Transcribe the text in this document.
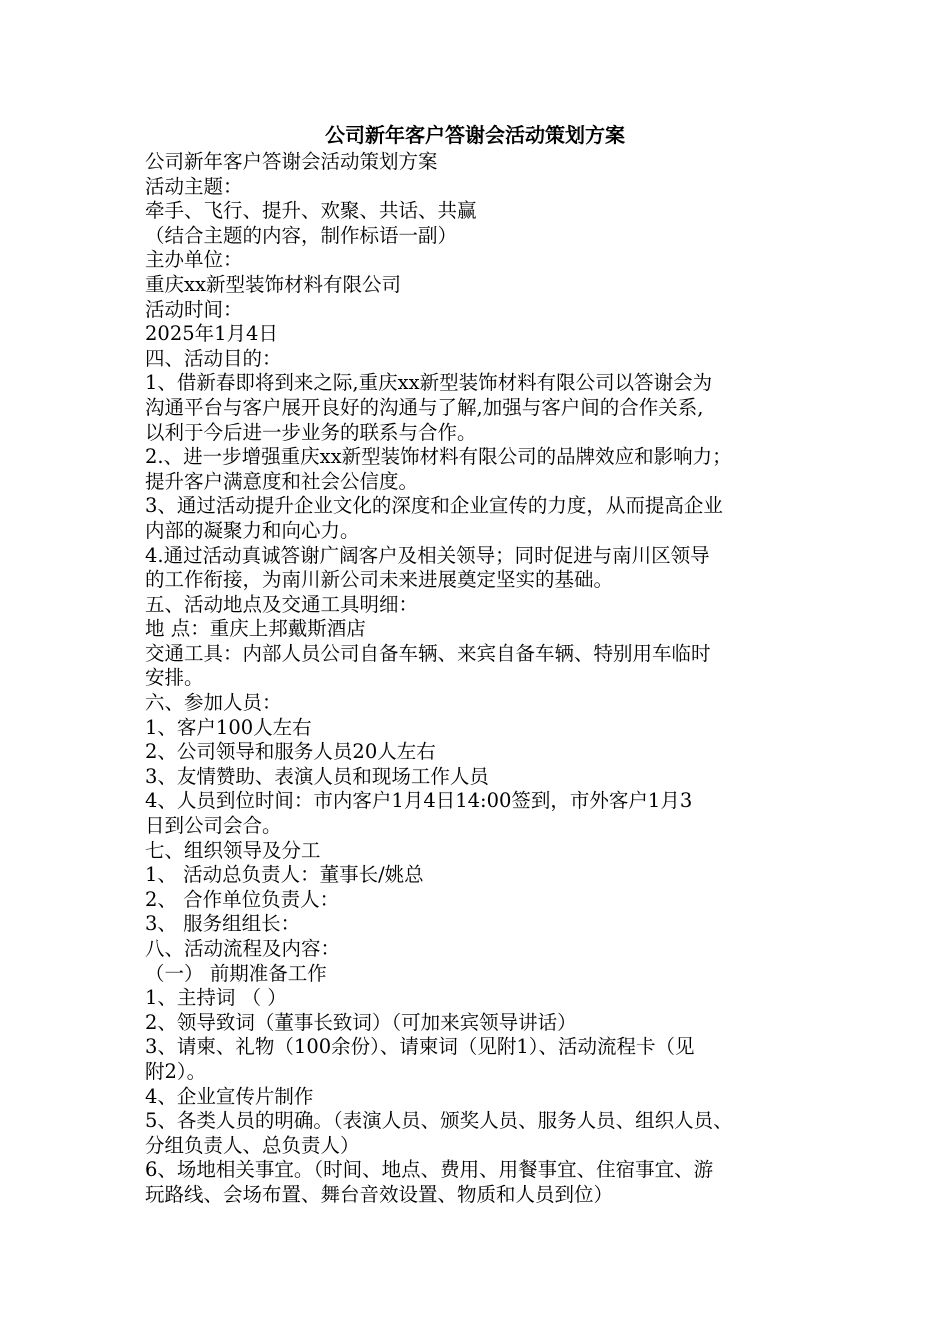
公司新年客户答谢会活动策划方案
公司新年客户答谢会活动策划方案
活动主题：
牵手、飞行、提升、欢聚、共话、共赢
（结合主题的内容，制作标语一副）
主办单位：
重庆xx新型装饰材料有限公司
活动时间：
2025年1月4日
四、活动目的：
1、借新春即将到来之际,重庆xx新型装饰材料有限公司以答谢会为
沟通平台与客户展开良好的沟通与了解,加强与客户间的合作关系,
以利于今后进一步业务的联系与合作。
2.、进一步增强重庆xx新型装饰材料有限公司的品牌效应和影响力；
提升客户满意度和社会公信度。
3、通过活动提升企业文化的深度和企业宣传的力度，从而提高企业
内部的凝聚力和向心力。
4.通过活动真诚答谢广阔客户及相关领导；同时促进与南川区领导
的工作衔接，为南川新公司未来进展奠定坚实的基础。
五、活动地点及交通工具明细：
地 点：重庆上邦戴斯酒店
交通工具：内部人员公司自备车辆、来宾自备车辆、特别用车临时
安排。
六、参加人员：
1、客户100人左右
2、公司领导和服务人员20人左右
3、友情赞助、表演人员和现场工作人员
4、人员到位时间：市内客户1月4日14:00签到，市外客户1月3
日到公司会合。
七、组织领导及分工
1、 活动总负责人：董事长/姚总
2、 合作单位负责人：
3、 服务组组长：
八、活动流程及内容：
（一） 前期准备工作
1、主持词 （ ）
2、领导致词（董事长致词）（可加来宾领导讲话）
3、请柬、礼物（100余份）、请柬词（见附1）、活动流程卡（见
附2）。
4、企业宣传片制作
5、各类人员的明确。（表演人员、颁奖人员、服务人员、组织人员、
分组负责人、总负责人）
6、场地相关事宜。（时间、地点、费用、用餐事宜、住宿事宜、游
玩路线、会场布置、舞台音效设置、物质和人员到位）
